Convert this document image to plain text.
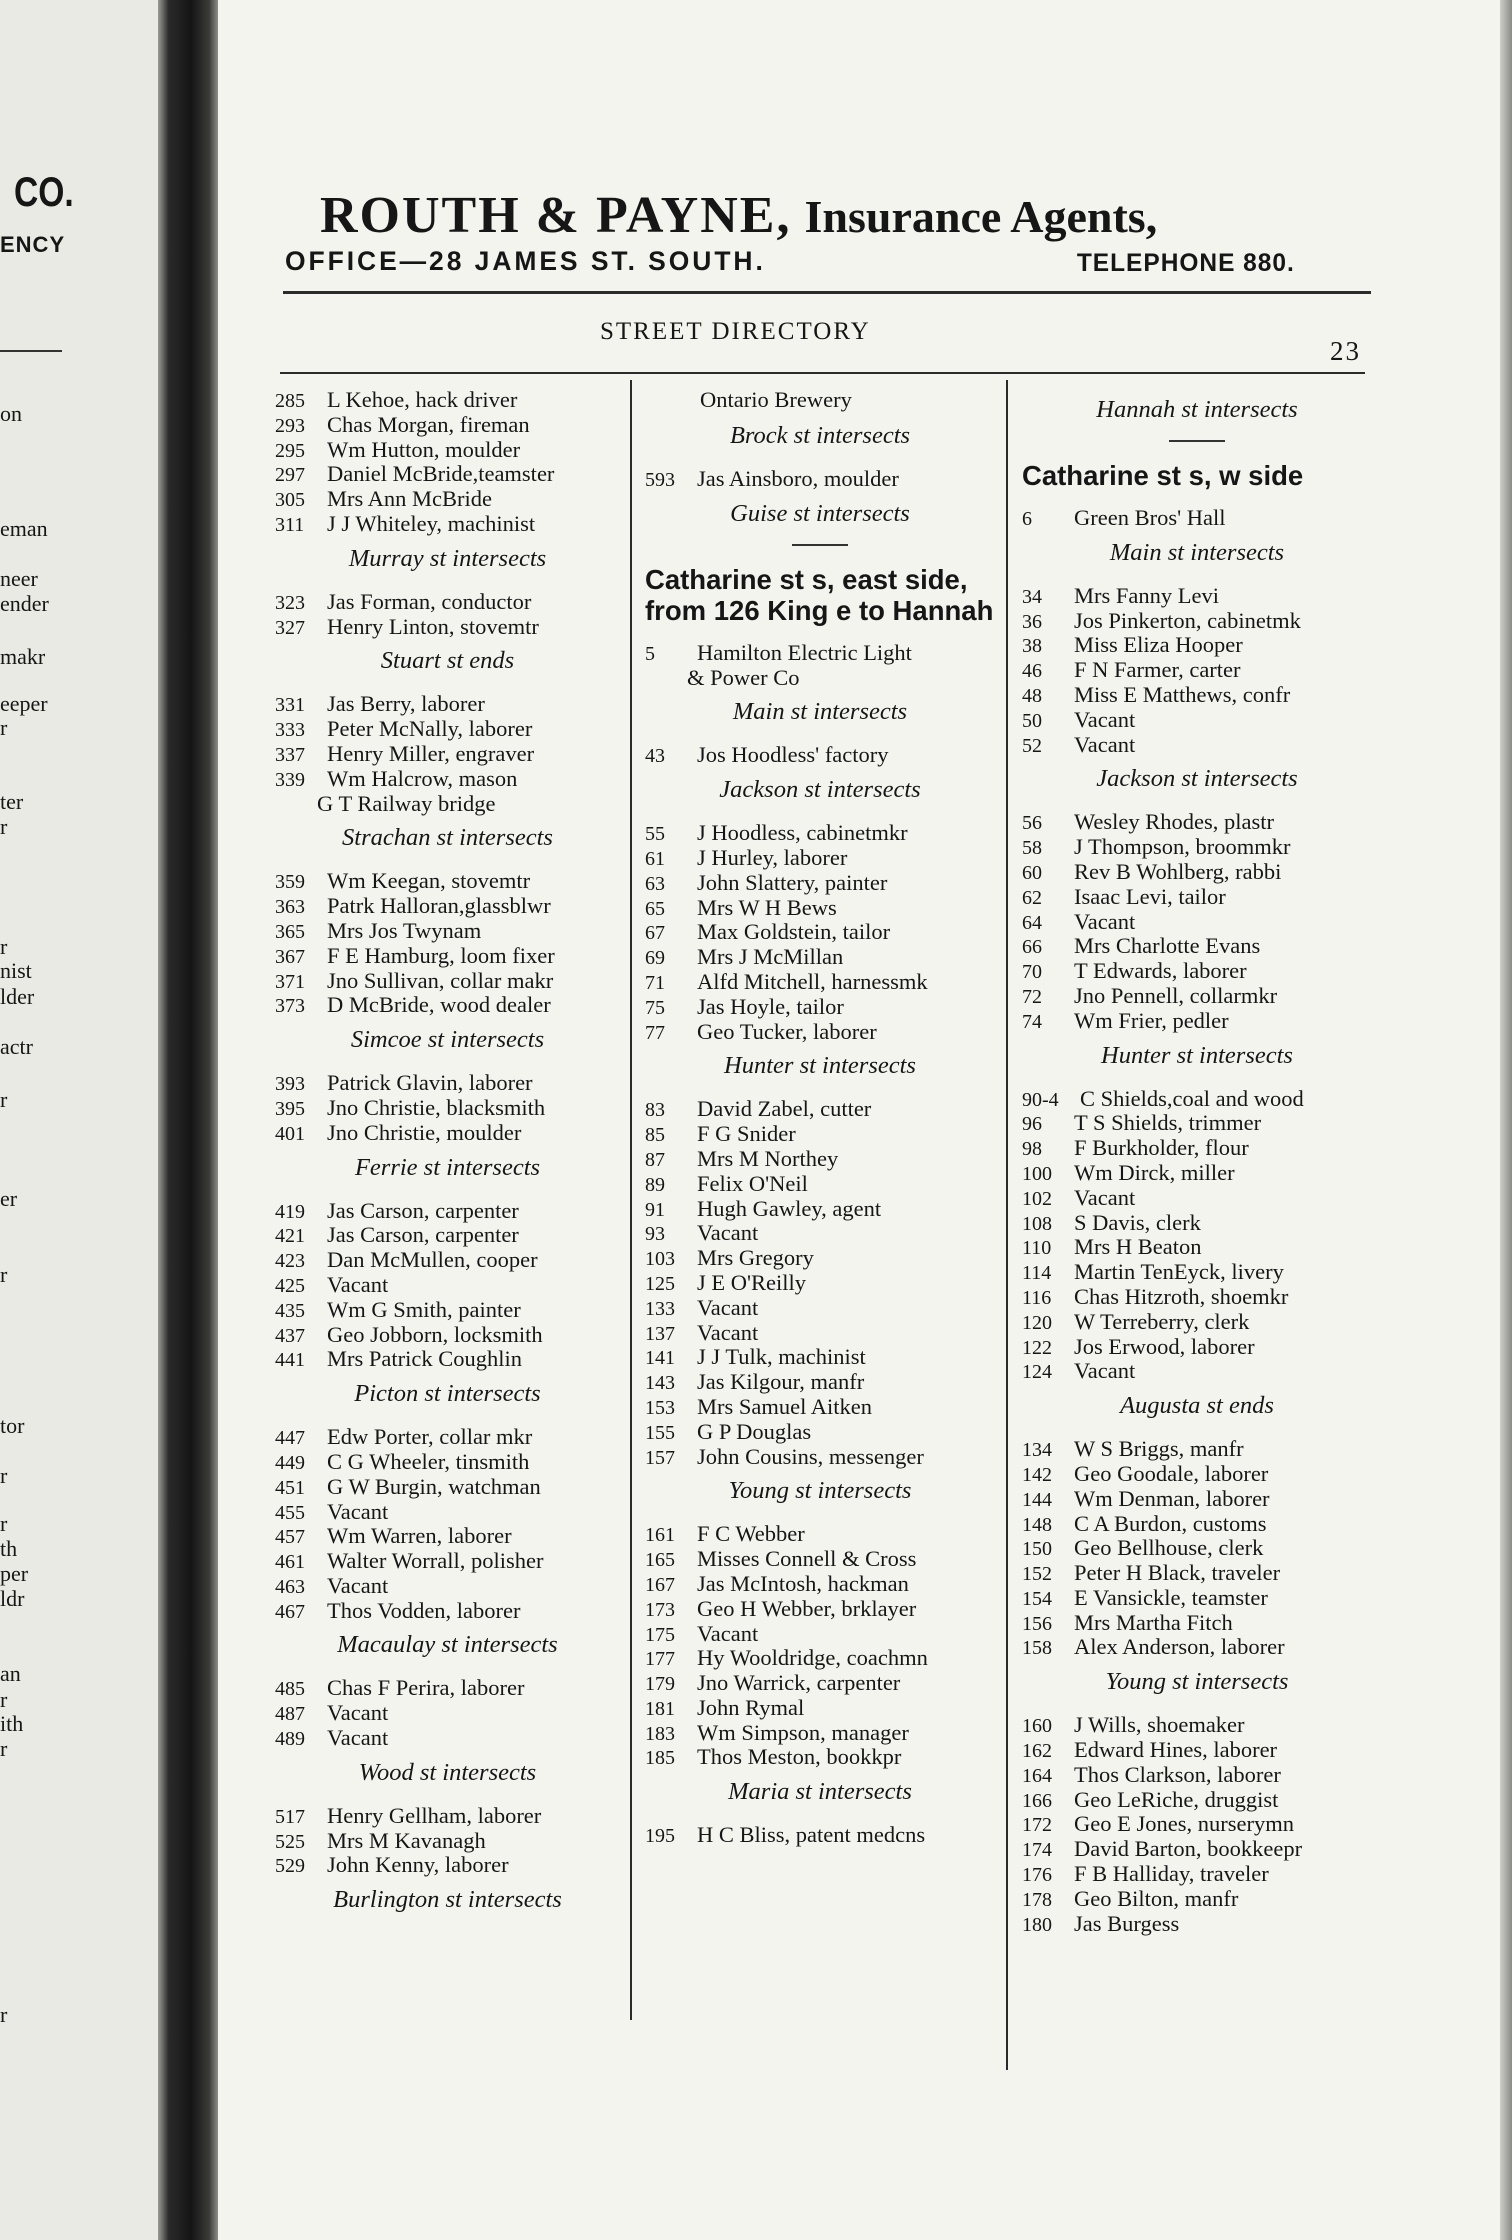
CO.
ENCY
on
eman
neer
ender
makr
eeper
r
ter
r
r
nist
lder
actr
r
er
r
tor
r
r
th
per
ldr
an
r
ith
r
r
ROUTH & PAYNE, Insurance Agents,
OFFICE—28 JAMES ST. SOUTH.	TELEPHONE 880.
STREET DIRECTORY
23
285 L Kehoe, hack driver
293 Chas Morgan, fireman
295 Wm Hutton, moulder
297 Daniel McBride,teamster
305 Mrs Ann McBride
311 J J Whiteley, machinist
Murray st intersects
323 Jas Forman, conductor
327 Henry Linton, stovemtr
Stuart st ends
331 Jas Berry, laborer
333 Peter McNally, laborer
337 Henry Miller, engraver
339 Wm Halcrow, mason
G T Railway bridge
Strachan st intersects
359 Wm Keegan, stovemtr
363 Patrk Halloran,glassblwr
365 Mrs Jos Twynam
367 F E Hamburg, loom fixer
371 Jno Sullivan, collar makr
373 D McBride, wood dealer
Simcoe st intersects
393 Patrick Glavin, laborer
395 Jno Christie, blacksmith
401 Jno Christie, moulder
Ferrie st intersects
419 Jas Carson, carpenter
421 Jas Carson, carpenter
423 Dan McMullen, cooper
425 Vacant
435 Wm G Smith, painter
437 Geo Jobborn, locksmith
441 Mrs Patrick Coughlin
Picton st intersects
447 Edw Porter, collar mkr
449 C G Wheeler, tinsmith
451 G W Burgin, watchman
455 Vacant
457 Wm Warren, laborer
461 Walter Worrall, polisher
463 Vacant
467 Thos Vodden, laborer
Macaulay st intersects
485 Chas F Perira, laborer
487 Vacant
489 Vacant
Wood st intersects
517 Henry Gellham, laborer
525 Mrs M Kavanagh
529 John Kenny, laborer
Burlington st intersects
Ontario Brewery
Brock st intersects
593 Jas Ainsboro, moulder
Guise st intersects
Catharine st s, east side, from 126 King e to Hannah
5 Hamilton Electric Light
& Power Co
Main st intersects
43 Jos Hoodless' factory
Jackson st intersects
55 J Hoodless, cabinetmkr
61 J Hurley, laborer
63 John Slattery, painter
65 Mrs W H Bews
67 Max Goldstein, tailor
69 Mrs J McMillan
71 Alfd Mitchell, harnessmk
75 Jas Hoyle, tailor
77 Geo Tucker, laborer
Hunter st intersects
83 David Zabel, cutter
85 F G Snider
87 Mrs M Northey
89 Felix O'Neil
91 Hugh Gawley, agent
93 Vacant
103 Mrs Gregory
125 J E O'Reilly
133 Vacant
137 Vacant
141 J J Tulk, machinist
143 Jas Kilgour, manfr
153 Mrs Samuel Aitken
155 G P Douglas
157 John Cousins, messenger
Young st intersects
161 F C Webber
165 Misses Connell & Cross
167 Jas McIntosh, hackman
173 Geo H Webber, brklayer
175 Vacant
177 Hy Wooldridge, coachmn
179 Jno Warrick, carpenter
181 John Rymal
183 Wm Simpson, manager
185 Thos Meston, bookkpr
Maria st intersects
195 H C Bliss, patent medcns
Hannah st intersects
Catharine st s, w side
6 Green Bros' Hall
Main st intersects
34 Mrs Fanny Levi
36 Jos Pinkerton, cabinetmk
38 Miss Eliza Hooper
46 F N Farmer, carter
48 Miss E Matthews, confr
50 Vacant
52 Vacant
Jackson st intersects
56 Wesley Rhodes, plastr
58 J Thompson, broommkr
60 Rev B Wohlberg, rabbi
62 Isaac Levi, tailor
64 Vacant
66 Mrs Charlotte Evans
70 T Edwards, laborer
72 Jno Pennell, collarmkr
74 Wm Frier, pedler
Hunter st intersects
90-4 C Shields,coal and wood
96 T S Shields, trimmer
98 F Burkholder, flour
100 Wm Dirck, miller
102 Vacant
108 S Davis, clerk
110 Mrs H Beaton
114 Martin TenEyck, livery
116 Chas Hitzroth, shoemkr
120 W Terreberry, clerk
122 Jos Erwood, laborer
124 Vacant
Augusta st ends
134 W S Briggs, manfr
142 Geo Goodale, laborer
144 Wm Denman, laborer
148 C A Burdon, customs
150 Geo Bellhouse, clerk
152 Peter H Black, traveler
154 E Vansickle, teamster
156 Mrs Martha Fitch
158 Alex Anderson, laborer
Young st intersects
160 J Wills, shoemaker
162 Edward Hines, laborer
164 Thos Clarkson, laborer
166 Geo LeRiche, druggist
172 Geo E Jones, nurserymn
174 David Barton, bookkeepr
176 F B Halliday, traveler
178 Geo Bilton, manfr
180 Jas Burgess
